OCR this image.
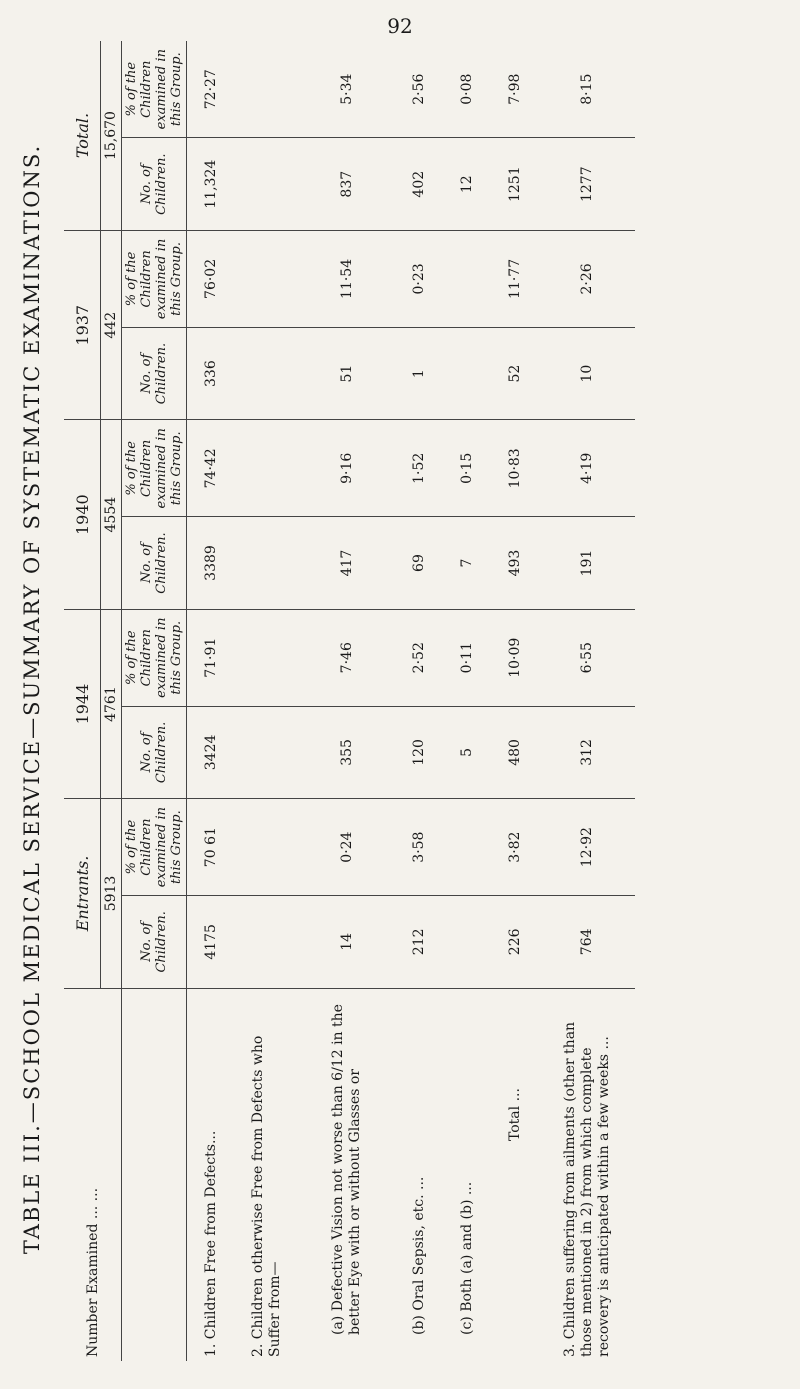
92
TABLE III.—SCHOOL MEDICAL SERVICE—SUMMARY OF SYSTEMATIC EXAMINATIONS.
Number Examined ... ...	Entrants.		1944		1940		1937		Total.	
	5913		4761		4554		442		15,670	
	No. of Children.	% of the Children examined in this Group.	No. of Children.	% of the Children examined in this Group.	No. of Children.	% of the Children examined in this Group.	No. of Children.	% of the Children examined in this Group.	No. of Children.	% of the Children examined in this Group.
1. Children Free from Defects...	4175	70 61	3424	71·91	3389	74·42	336	76·02	11,324	72·27
2. Children otherwise Free from Defects who Suffer from—										
(a) Defective Vision not worse than 6/12 in the better Eye with or without Glasses or	14	0·24	355	7·46	417	9·16	51	11·54	837	5·34
(b) Oral Sepsis, etc. ...	212	3·58	120	2·52	69	1·52	1	0·23	402	2·56
(c) Both (a) and (b) ...			5	0·11	7	0·15			12	0·08
Total ...	226	3·82	480	10·09	493	10·83	52	11·77	1251	7·98
3. Children suffering from ailments (other than those mentioned in 2) from which complete recovery is anticipated within a few weeks ...	764	12·92	312	6·55	191	4·19	10	2·26	1277	8·15
